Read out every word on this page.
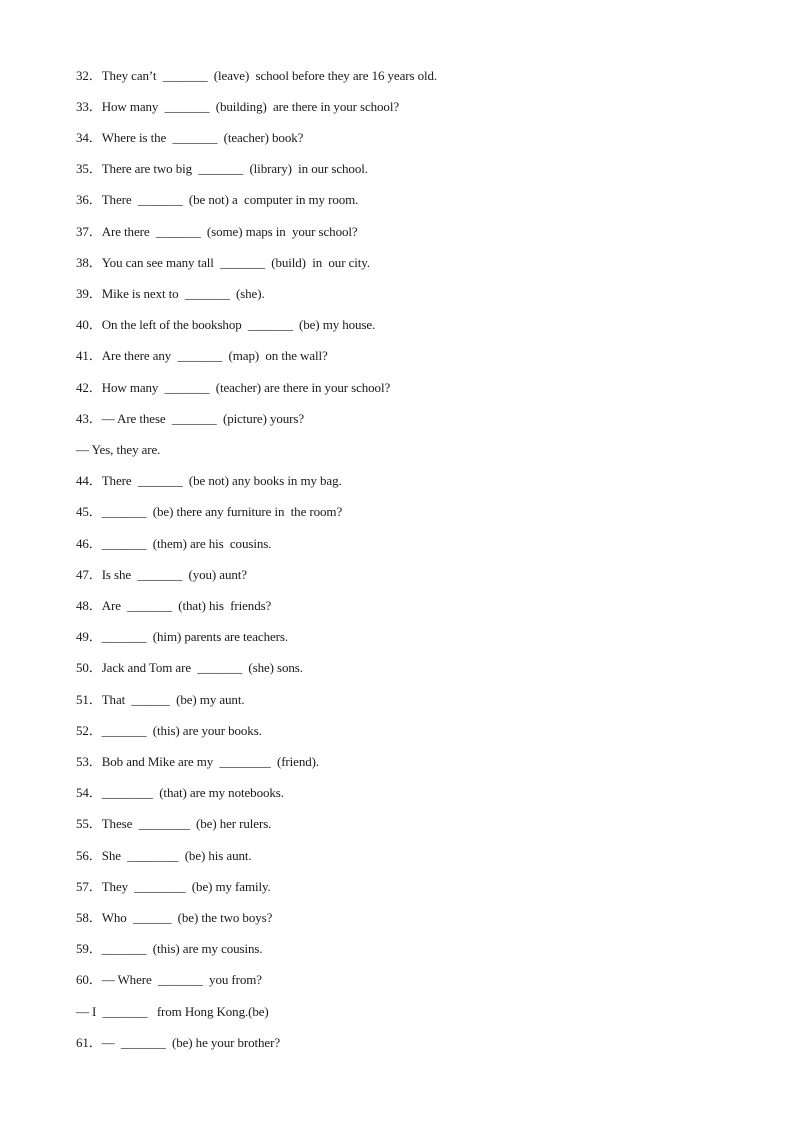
32．They can’t  _______  (leave)  school before they are 16 years old.
33．How many  _______  (building)  are there in your school?
34．Where is the  _______  (teacher) book?
35．There are two big  _______  (library)  in our school.
36．There  _______  (be not) a  computer in my room.
37．Are there  _______  (some) maps in  your school?
38．You can see many tall  _______  (build)  in  our city.
39．Mike is next to  _______  (she).
40．On the left of the bookshop  _______  (be) my house.
41．Are there any  _______  (map)  on the wall?
42．How many  _______  (teacher) are there in your school?
43．— Are these  _______  (picture) yours?
— Yes, they are.
44．There  _______  (be not) any books in my bag.
45．_______  (be) there any furniture in  the room?
46．_______  (them) are his  cousins.
47．Is she  _______  (you) aunt?
48．Are  _______  (that) his  friends?
49．_______  (him) parents are teachers.
50．Jack and Tom are  _______  (she) sons.
51．That  ______  (be) my aunt.
52．_______  (this) are your books.
53．Bob and Mike are my  ________  (friend).
54．________  (that) are my notebooks.
55．These  ________  (be) her rulers.
56．She  ________  (be) his aunt.
57．They  ________  (be) my family.
58．Who  ______  (be) the two boys?
59．_______  (this) are my cousins.
60．— Where  _______  you from?
— I  _______   from Hong Kong.(be)
61．—  _______  (be) he your brother?
